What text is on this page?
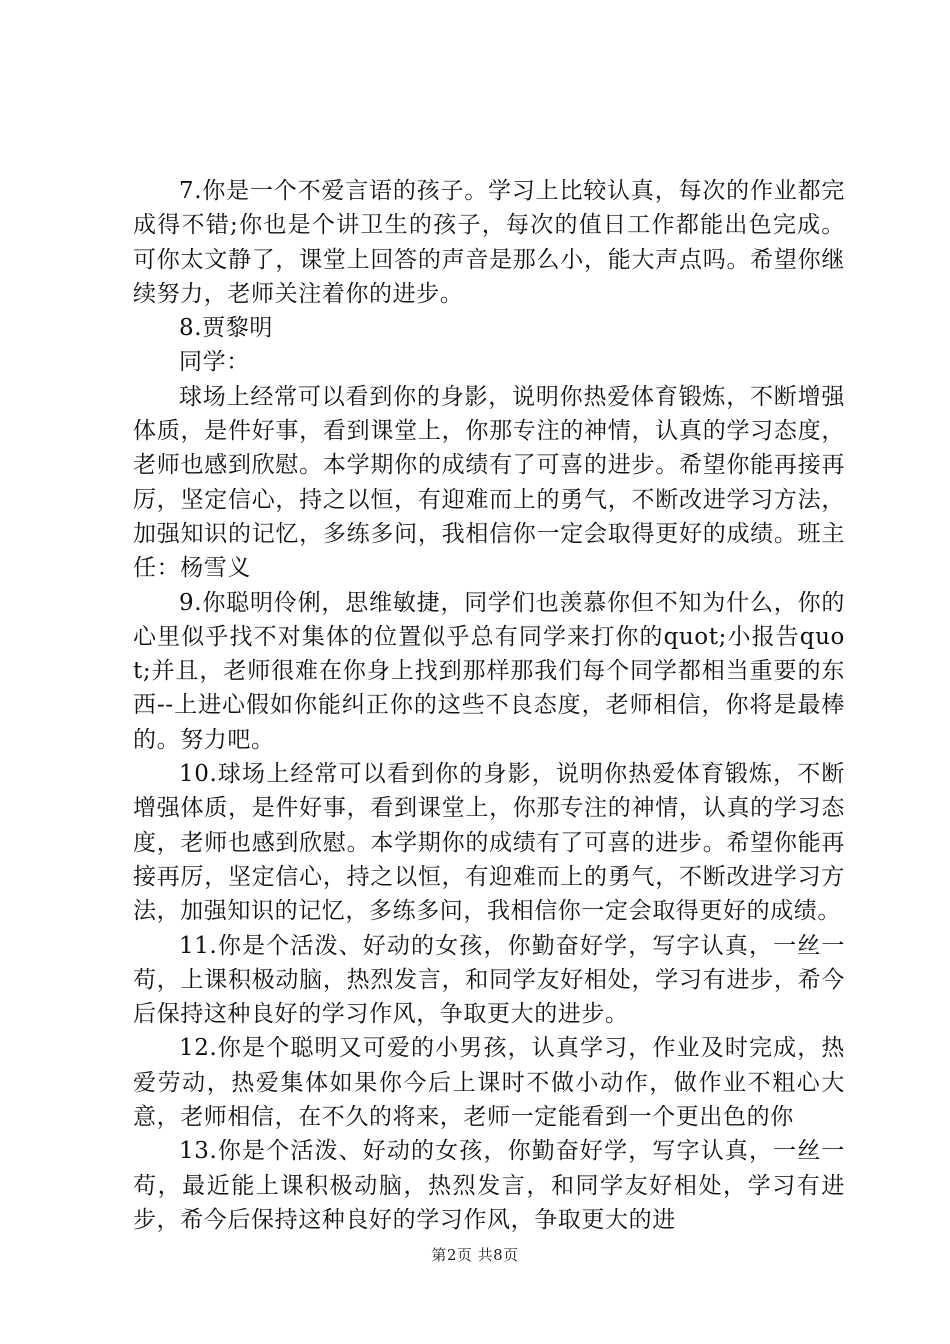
7.你是一个不爱言语的孩子。学习上比较认真，每次的作业都完成得不错;你也是个讲卫生的孩子，每次的值日工作都能出色完成。可你太文静了，课堂上回答的声音是那么小，能大声点吗。希望你继续努力，老师关注着你的进步。

8.贾黎明

同学：

球场上经常可以看到你的身影，说明你热爱体育锻炼，不断增强体质，是件好事，看到课堂上，你那专注的神情，认真的学习态度，老师也感到欣慰。本学期你的成绩有了可喜的进步。希望你能再接再厉，坚定信心，持之以恒，有迎难而上的勇气，不断改进学习方法，加强知识的记忆，多练多问，我相信你一定会取得更好的成绩。班主任：杨雪义

9.你聪明伶俐，思维敏捷，同学们也羡慕你但不知为什么，你的心里似乎找不对集体的位置似乎总有同学来打你的quot;小报告quot;并且，老师很难在你身上找到那样那我们每个同学都相当重要的东西--上进心假如你能纠正你的这些不良态度，老师相信，你将是最棒的。努力吧。

10.球场上经常可以看到你的身影，说明你热爱体育锻炼，不断增强体质，是件好事，看到课堂上，你那专注的神情，认真的学习态度，老师也感到欣慰。本学期你的成绩有了可喜的进步。希望你能再接再厉，坚定信心，持之以恒，有迎难而上的勇气，不断改进学习方法，加强知识的记忆，多练多问，我相信你一定会取得更好的成绩。

11.你是个活泼、好动的女孩，你勤奋好学，写字认真，一丝一苟，上课积极动脑，热烈发言，和同学友好相处，学习有进步，希今后保持这种良好的学习作风，争取更大的进步。

12.你是个聪明又可爱的小男孩，认真学习，作业及时完成，热爱劳动，热爱集体如果你今后上课时不做小动作，做作业不粗心大意，老师相信，在不久的将来，老师一定能看到一个更出色的你

13.你是个活泼、好动的女孩，你勤奋好学，写字认真，一丝一苟，最近能上课积极动脑，热烈发言，和同学友好相处，学习有进步，希今后保持这种良好的学习作风，争取更大的进

第2页 共8页
